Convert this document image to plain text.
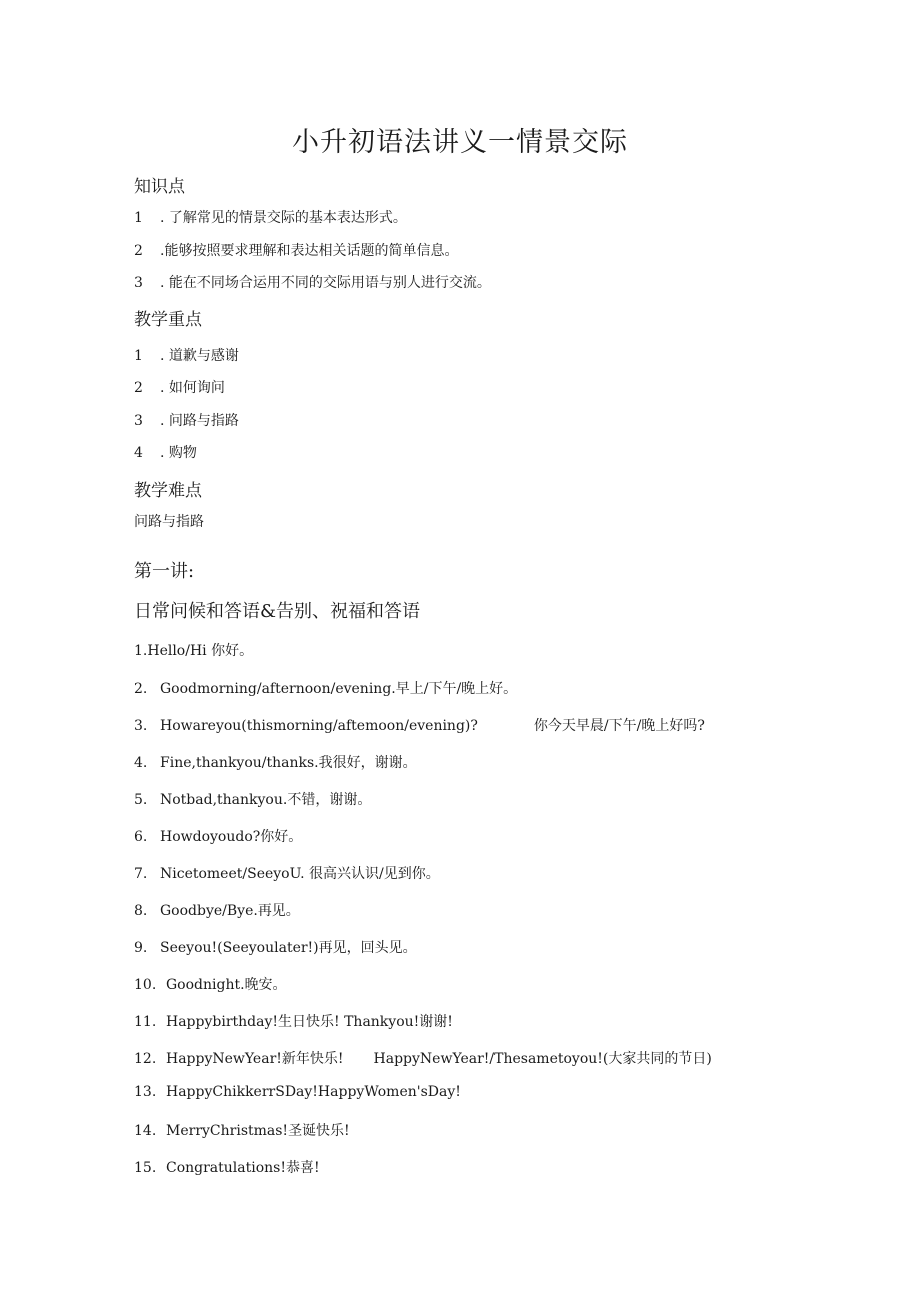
小升初语法讲义一情景交际
知识点
1 . 了解常见的情景交际的基本表达形式。
2 .能够按照要求理解和表达相关话题的简单信息。
3 . 能在不同场合运用不同的交际用语与别人进行交流。
教学重点
1 . 道歉与感谢
2 . 如何询问
3 . 问路与指路
4 . 购物
教学难点
问路与指路
第一讲:
日常问候和答语&告别、祝福和答语
1.Hello/Hi 你好。
2. Goodmorning/afternoon/evening.早上/下午/晚上好。
3. Howareyou(thismorning/aftemoon/evening)?	你今天早晨/下午/晚上好吗?
4. Fine,thankyou/thanks.我很好，谢谢。
5. Notbad,thankyou.不错，谢谢。
6. Howdoyoudo?你好。
7. Nicetomeet/SeeyoU. 很高兴认识/见到你。
8. Goodbye/Bye.再见。
9. Seeyou!(Seeyoulater!)再见，回头见。
10. Goodnight.晚安。
11. Happybirthday!生日快乐! Thankyou!谢谢!
12. HappyNewYear!新年快乐! HappyNewYear!/Thesametoyou!(大家共同的节日)
13. HappyChikkerrSDay!HappyWomen'sDay!
14. MerryChristmas!圣诞快乐!
15. Congratulations!恭喜!
